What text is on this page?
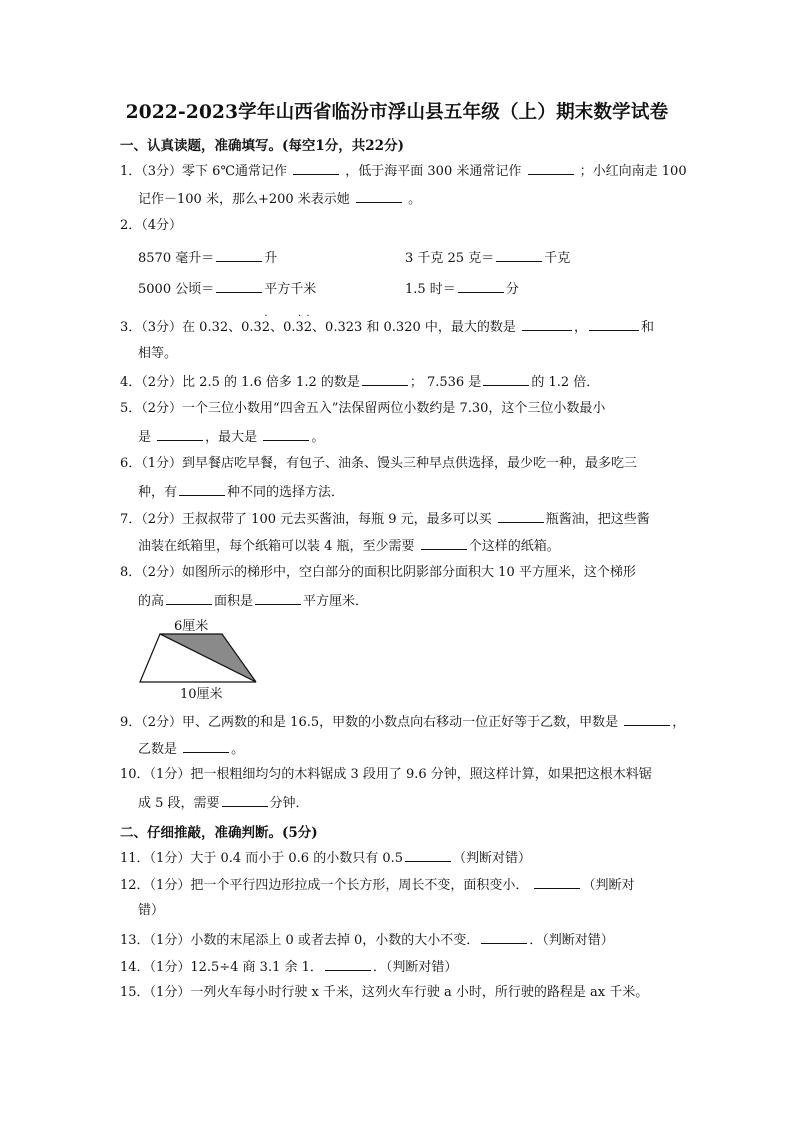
2022-2023学年山西省临汾市浮山县五年级（上）期末数学试卷
一、认真读题，准确填写。(每空1分，共22分)
1．（3分）零下 6℃通常记作	，低于海平面 300 米通常记作	；小红向南走 100
记作－100 米，那么+200 米表示她	。
2．（4分）
8570 毫升＝	升	3 千克 25 克＝	千克
5000 公顷＝	平方千米	1.5 时＝	分
3．（3分）在 0.32、0.3
·
2、0.
·
3
·
2、0.323 和 0.320 中，最大的数是	，	和
相等。
4．（2分）比 2.5 的 1.6 倍多 1.2 的数是	； 7.536 是	的 1.2 倍．
5．（2分）一个三位小数用“四舍五入”法保留两位小数约是 7.30，这个三位小数最小
是	，最大是	。
6．（1分）到早餐店吃早餐，有包子、油条、馒头三种早点供选择，最少吃一种，最多吃三
种，有	种不同的选择方法．
7．（2分）王叔叔带了 100 元去买酱油，每瓶 9 元，最多可以买	瓶酱油，把这些酱
油装在纸箱里，每个纸箱可以装 4 瓶，至少需要	个这样的纸箱。
8．（2分）如图所示的梯形中，空白部分的面积比阴影部分面积大 10 平方厘米，这个梯形
的高	面积是	平方厘米．
6厘米
10厘米
9．（2分）甲、乙两数的和是 16.5，甲数的小数点向右移动一位正好等于乙数，甲数是	，
乙数是	。
10．（1分）把一根粗细均匀的木料锯成 3 段用了 9.6 分钟，照这样计算，如果把这根木料锯
成 5 段，需要	分钟．
二、仔细推敲，准确判断。(5分)
11．（1分）大于 0.4 而小于 0.6 的小数只有 0.5	（判断对错）
12．（1分）把一个平行四边形拉成一个长方形，周长不变，面积变小．	（判断对
错）
13．（1分）小数的末尾添上 0 或者去掉 0，小数的大小不变．	．（判断对错）
14．（1分）12.5÷4 商 3.1 余 1．	．（判断对错）
15．（1分）一列火车每小时行驶 x 千米，这列火车行驶 a 小时，所行驶的路程是 ax 千米。
